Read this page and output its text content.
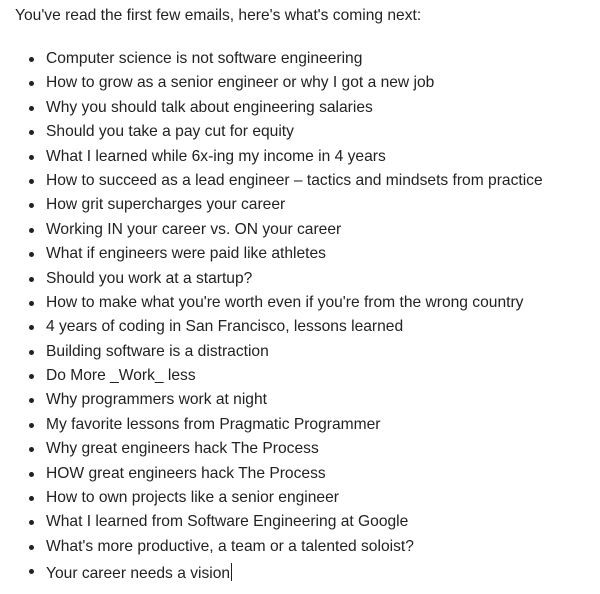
You've read the first few emails, here's what's coming next:
Computer science is not software engineering
How to grow as a senior engineer or why I got a new job
Why you should talk about engineering salaries
Should you take a pay cut for equity
What I learned while 6x-ing my income in 4 years
How to succeed as a lead engineer – tactics and mindsets from practice
How grit supercharges your career
Working IN your career vs. ON your career
What if engineers were paid like athletes
Should you work at a startup?
How to make what you're worth even if you're from the wrong country
4 years of coding in San Francisco, lessons learned
Building software is a distraction
Do More _Work_ less
Why programmers work at night
My favorite lessons from Pragmatic Programmer
Why great engineers hack The Process
HOW great engineers hack The Process
How to own projects like a senior engineer
What I learned from Software Engineering at Google
What's more productive, a team or a talented soloist?
Your career needs a vision
